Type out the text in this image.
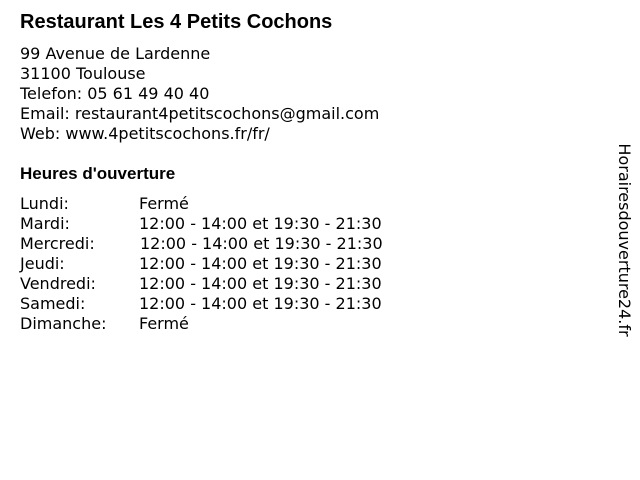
Restaurant Les 4 Petits Cochons
99 Avenue de Lardenne
31100 Toulouse
Telefon: 05 61 49 40 40
Email: restaurant4petitscochons@gmail.com
Web: www.4petitscochons.fr/fr/
Heures d'ouverture
Lundi:	Fermé
Mardi:	12:00 - 14:00 et 19:30 - 21:30
Mercredi:	12:00 - 14:00 et 19:30 - 21:30
Jeudi:	12:00 - 14:00 et 19:30 - 21:30
Vendredi:	12:00 - 14:00 et 19:30 - 21:30
Samedi:	12:00 - 14:00 et 19:30 - 21:30
Dimanche: Fermé	Horairesdouverture24.fr
